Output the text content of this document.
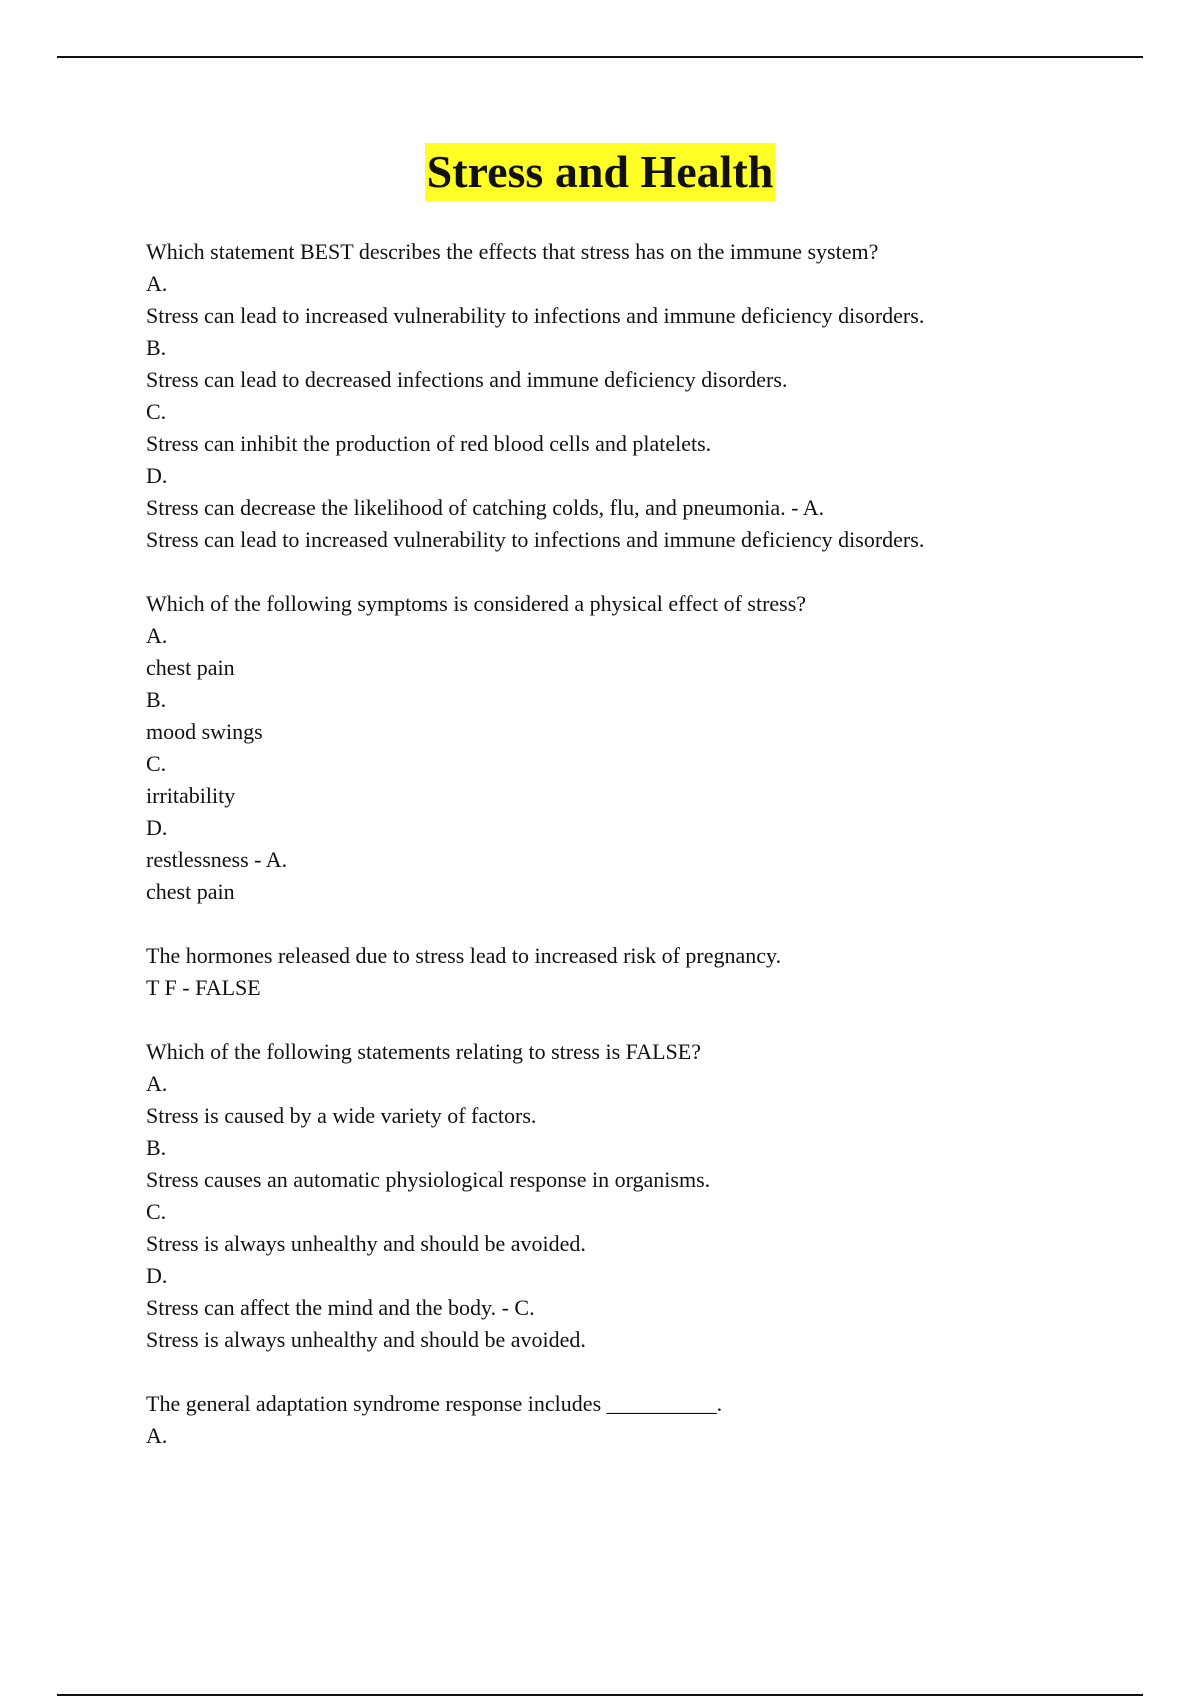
Stress and Health
Which statement BEST describes the effects that stress has on the immune system?
A.
Stress can lead to increased vulnerability to infections and immune deficiency disorders.
B.
Stress can lead to decreased infections and immune deficiency disorders.
C.
Stress can inhibit the production of red blood cells and platelets.
D.
Stress can decrease the likelihood of catching colds, flu, and pneumonia. - A.
Stress can lead to increased vulnerability to infections and immune deficiency disorders.
Which of the following symptoms is considered a physical effect of stress?
A.
chest pain
B.
mood swings
C.
irritability
D.
restlessness - A.
chest pain
The hormones released due to stress lead to increased risk of pregnancy.
T F - FALSE
Which of the following statements relating to stress is FALSE?
A.
Stress is caused by a wide variety of factors.
B.
Stress causes an automatic physiological response in organisms.
C.
Stress is always unhealthy and should be avoided.
D.
Stress can affect the mind and the body. - C.
Stress is always unhealthy and should be avoided.
The general adaptation syndrome response includes __________.
A.
